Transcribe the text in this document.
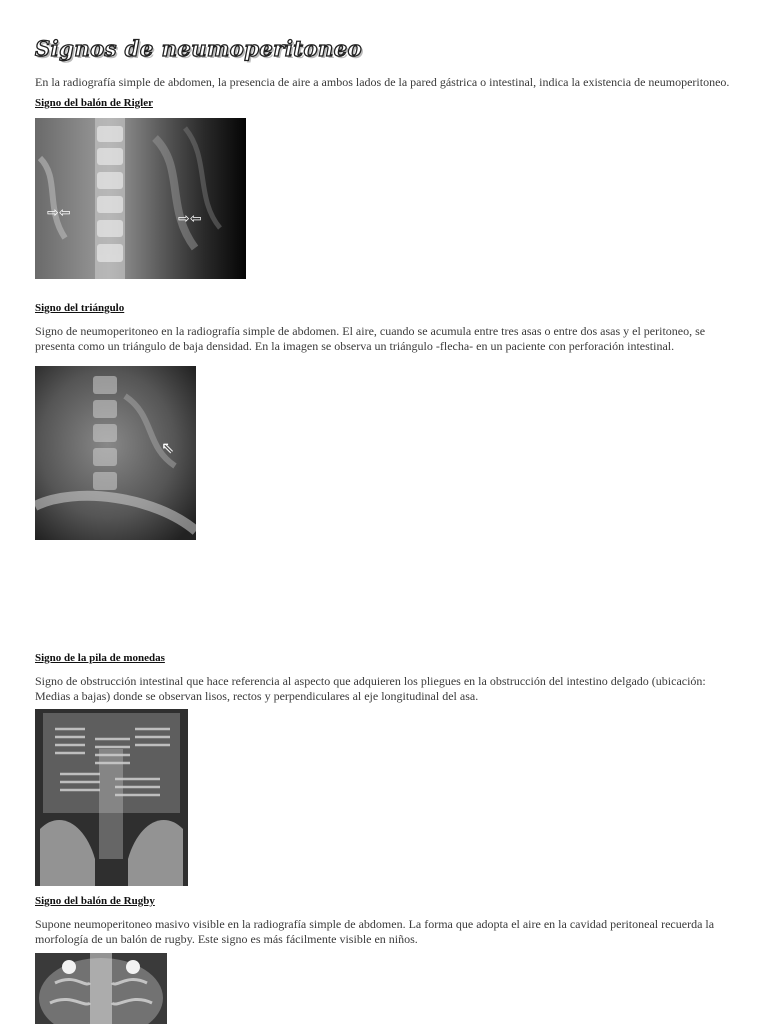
Signos de neumoperitoneo
En la radiografía simple de abdomen, la presencia de aire a ambos lados de la pared gástrica o intestinal, indica la existencia de neumoperitoneo.
Signo del balón de Rigler
⇨⇦	⇨⇦
Signo del triángulo
Signo de neumoperitoneo en la radiografía simple de abdomen. El aire, cuando se acumula entre tres asas o entre dos asas y el peritoneo, se presenta como un triángulo de baja densidad. En la imagen se observa un triángulo -flecha- en un paciente con perforación intestinal.
⇖
Signo de la pila de monedas
Signo de obstrucción intestinal que hace referencia al aspecto que adquieren los pliegues en la obstrucción del intestino delgado (ubicación: Medias a bajas) donde se observan lisos, rectos y perpendiculares al eje longitudinal del asa.
Signo del balón de Rugby
Supone neumoperitoneo masivo visible en la radiografía simple de abdomen. La forma que adopta el aire en la cavidad peritoneal recuerda la morfología de un balón de rugby. Este signo es más fácilmente visible en niños.
